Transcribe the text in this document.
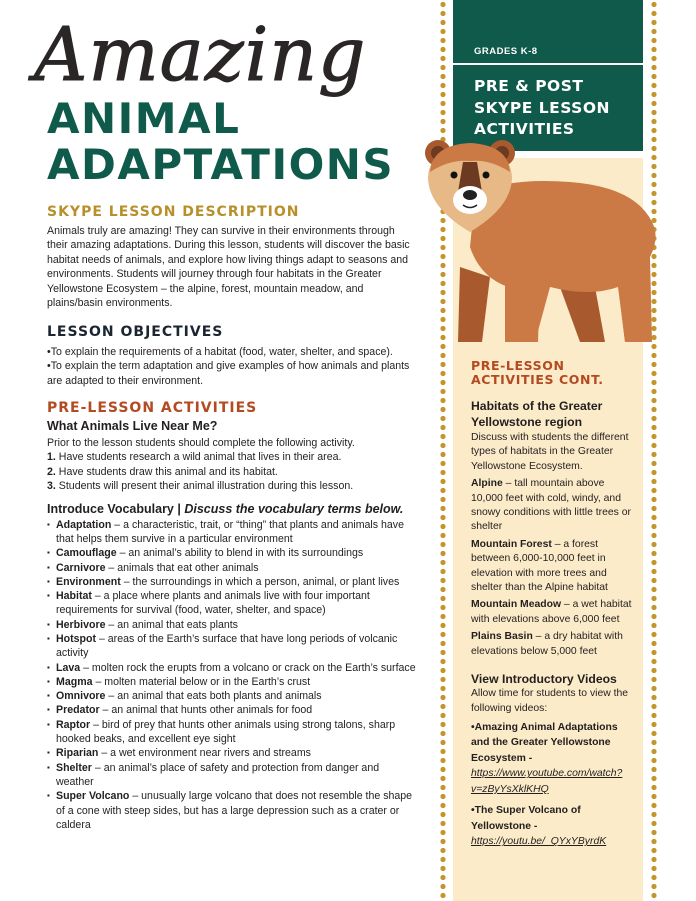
Amazing
ANIMAL
ADAPTATIONS
SKYPE LESSON DESCRIPTION
Animals truly are amazing! They can survive in their environments through their amazing adaptations. During this lesson, students will discover the basic habitat needs of animals, and explore how living things adapt to seasons and environments. Students will journey through four habitats in the Greater Yellowstone Ecosystem – the alpine, forest, mountain meadow, and plains/basin environments.
LESSON OBJECTIVES
•To explain the requirements of a habitat (food, water, shelter, and space).
•To explain the term adaptation and give examples of how animals and plants are adapted to their environment.
PRE-LESSON ACTIVITIES
What Animals Live Near Me?
Prior to the lesson students should complete the following activity.
1. Have students research a wild animal that lives in their area.
2. Have students draw this animal and its habitat.
3. Students will present their animal illustration during this lesson.
Introduce Vocabulary | Discuss the vocabulary terms below.
▪ Adaptation – a characteristic, trait, or “thing” that plants and animals have that helps them survive in a particular environment
▪ Camouflage – an animal’s ability to blend in with its surroundings
▪ Carnivore – animals that eat other animals
▪ Environment – the surroundings in which a person, animal, or plant lives
▪ Habitat – a place where plants and animals live with four important requirements for survival (food, water, shelter, and space)
▪ Herbivore – an animal that eats plants
▪ Hotspot – areas of the Earth’s surface that have long periods of volcanic activity
▪ Lava – molten rock the erupts from a volcano or crack on the Earth’s surface
▪ Magma – molten material below or in the Earth’s crust
▪ Omnivore – an animal that eats both plants and animals
▪ Predator – an animal that hunts other animals for food
▪ Raptor – bird of prey that hunts other animals using strong talons, sharp hooked beaks, and excellent eye sight
▪ Riparian – a wet environment near rivers and streams
▪ Shelter – an animal’s place of safety and protection from danger and weather
▪ Super Volcano – unusually large volcano that does not resemble the shape of a cone with steep sides, but has a large depression such as a crater or caldera
GRADES K-8
PRE & POST
SKYPE LESSON
ACTIVITIES
PRE-LESSON
ACTIVITIES CONT.
Habitats of the Greater Yellowstone region
Discuss with students the different types of habitats in the Greater Yellowstone Ecosystem.
Alpine – tall mountain above 10,000 feet with cold, windy, and snowy conditions with little trees or shelter
Mountain Forest – a forest between 6,000-10,000 feet in elevation with more trees and shelter than the Alpine habitat
Mountain Meadow – a wet habitat with elevations above 6,000 feet
Plains Basin – a dry habitat with elevations below 5,000 feet
View Introductory Videos
Allow time for students to view the following videos:
•Amazing Animal Adaptations and the Greater Yellowstone Ecosystem - https://www.youtube.com/watch?v=zByYsXklKHQ
•The Super Volcano of Yellowstone - https://youtu.be/_QYxYByrdK
